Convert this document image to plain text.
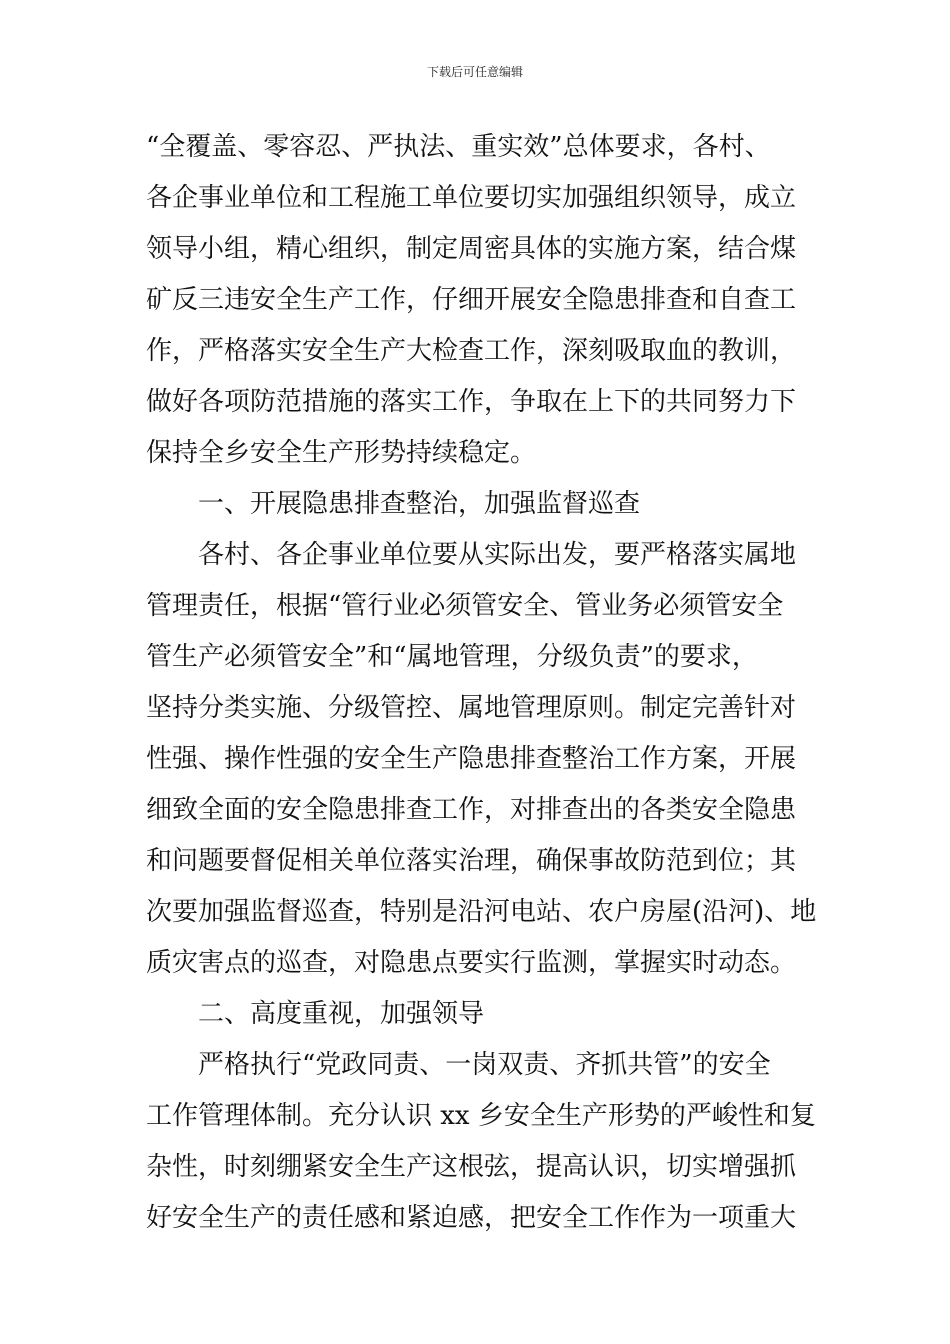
下载后可任意编辑
“全覆盖、零容忍、严执法、重实效”总体要求，各村、
各企事业单位和工程施工单位要切实加强组织领导，成立
领导小组，精心组织，制定周密具体的实施方案，结合煤
矿反三违安全生产工作，仔细开展安全隐患排查和自查工
作，严格落实安全生产大检查工作，深刻吸取血的教训，
做好各项防范措施的落实工作，争取在上下的共同努力下
保持全乡安全生产形势持续稳定。
一、开展隐患排查整治，加强监督巡查
各村、各企事业单位要从实际出发，要严格落实属地
管理责任，根据“管行业必须管安全、管业务必须管安全
管生产必须管安全”和“属地管理，分级负责”的要求，
坚持分类实施、分级管控、属地管理原则。制定完善针对
性强、操作性强的安全生产隐患排查整治工作方案，开展
细致全面的安全隐患排查工作，对排查出的各类安全隐患
和问题要督促相关单位落实治理，确保事故防范到位；其
次要加强监督巡查，特别是沿河电站、农户房屋(沿河)、地
质灾害点的巡查，对隐患点要实行监测，掌握实时动态。
二、高度重视，加强领导
严格执行“党政同责、一岗双责、齐抓共管”的安全
工作管理体制。充分认识 xx 乡安全生产形势的严峻性和复
杂性，时刻绷紧安全生产这根弦，提高认识，切实增强抓
好安全生产的责任感和紧迫感，把安全工作作为一项重大
